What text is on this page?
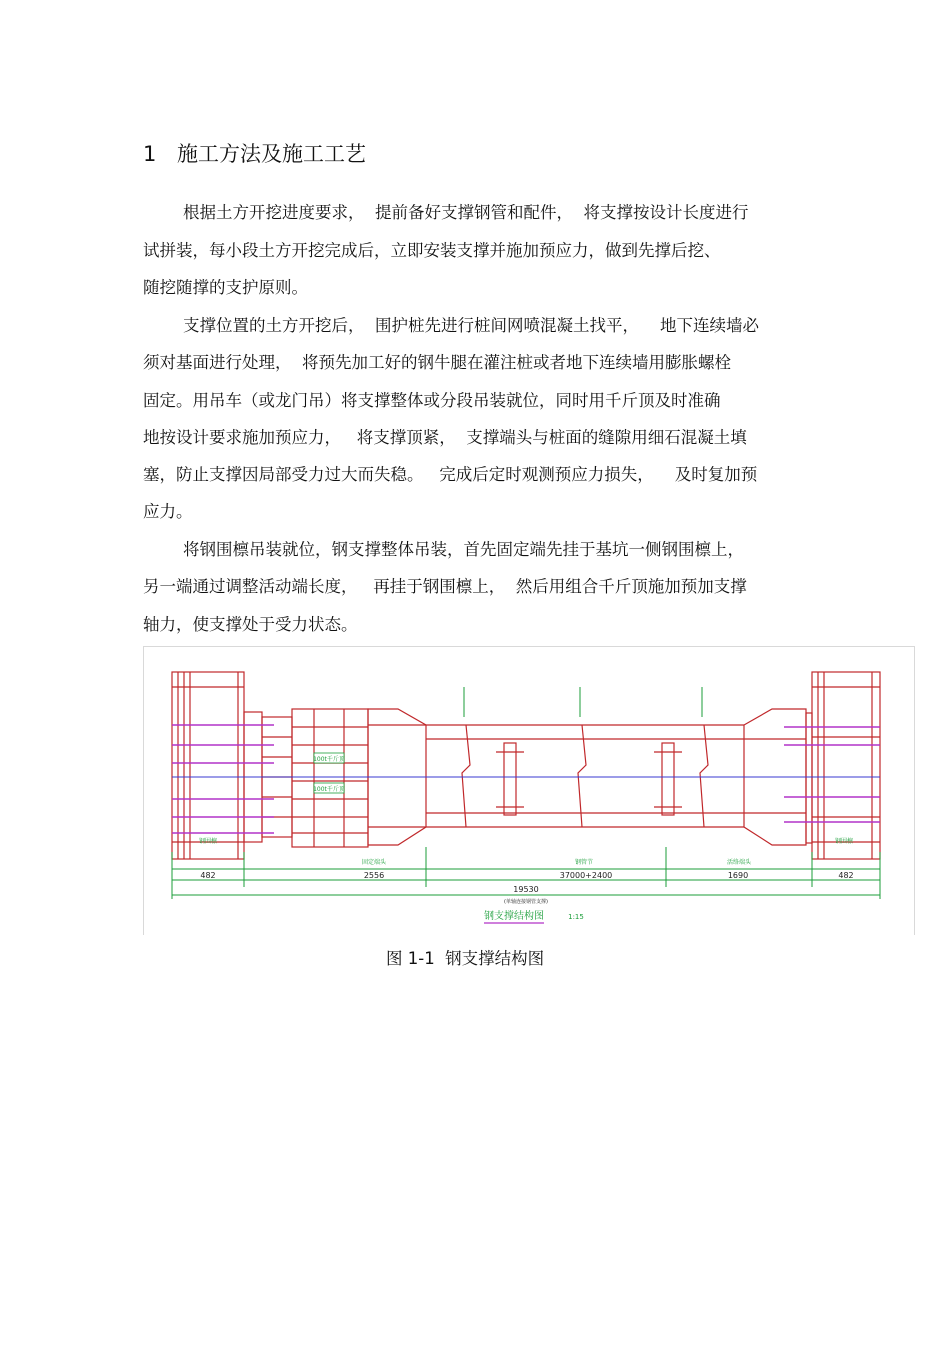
1 施工方法及施工工艺
根据土方开挖进度要求，  提前备好支撑钢管和配件，  将支撑按设计长度进行
试拼装，每小段土方开挖完成后，立即安装支撑并施加预应力，做到先撑后挖、
随挖随撑的支护原则。
支撑位置的土方开挖后，  围护桩先进行桩间网喷混凝土找平，    地下连续墙必
须对基面进行处理，  将预先加工好的钢牛腿在灌注桩或者地下连续墙用膨胀螺栓
固定。用吊车（或龙门吊）将支撑整体或分段吊装就位，同时用千斤顶及时准确
地按设计要求施加预应力，   将支撑顶紧，  支撑端头与桩面的缝隙用细石混凝土填
塞，防止支撑因局部受力过大而失稳。   完成后定时观测预应力损失，    及时复加预
应力。
将钢围檩吊装就位，钢支撑整体吊装，首先固定端先挂于基坑一侧钢围檩上，
另一端通过调整活动端长度，   再挂于钢围檩上，  然后用组合千斤顶施加预加支撑
轴力，使支撑处于受力状态。
100t千斤顶
100t千斤顶
钢围檩	钢围檩
固定端头	钢管节	活络端头
482	2556	37000+2400	1690	482
19530
(单轴连接钢管支撑)
钢支撑结构图	1:15
图 1-1  钢支撑结构图
